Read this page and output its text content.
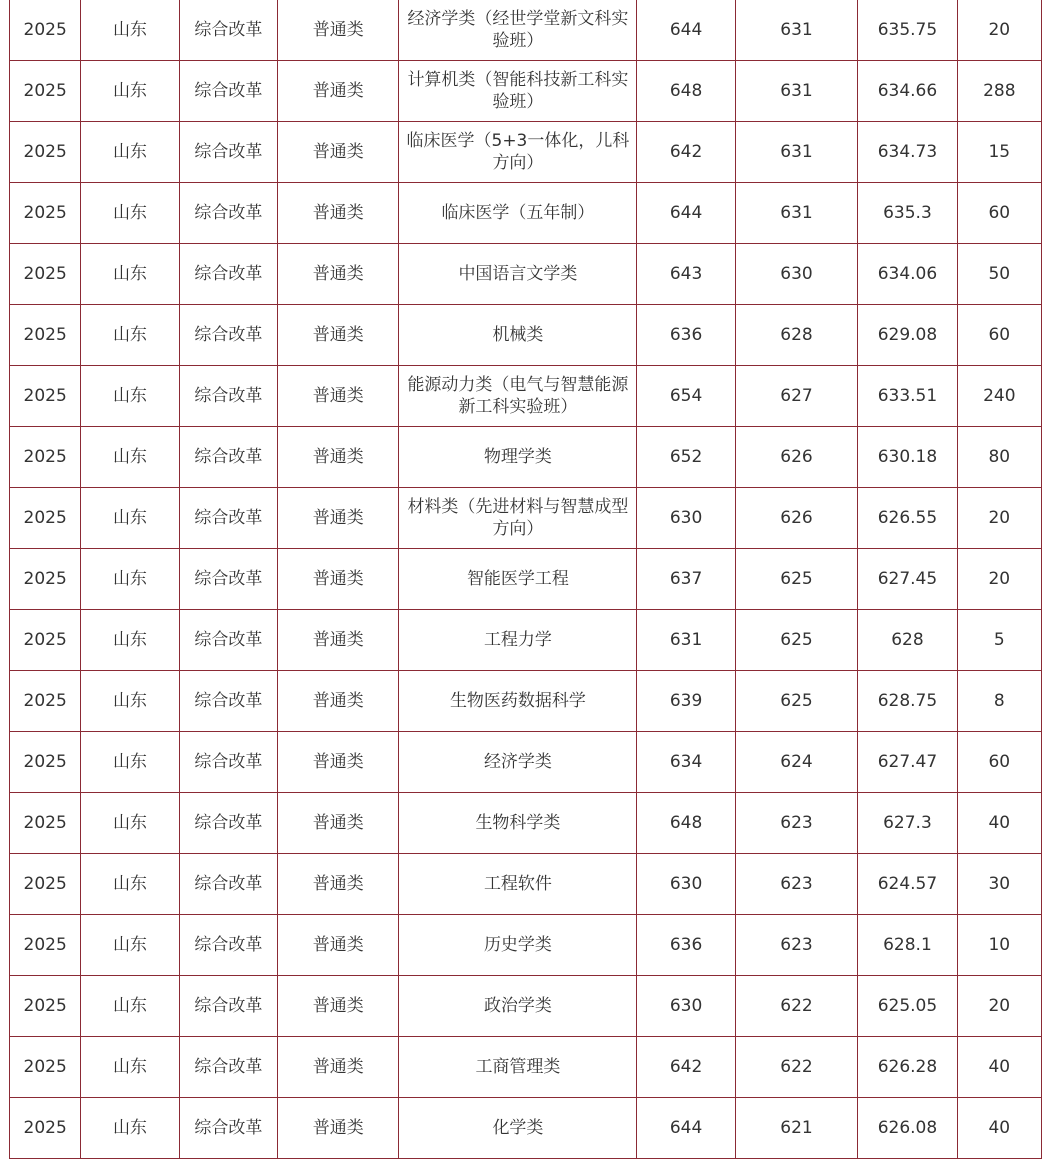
2025	山东	综合改革	普通类	经济学类（经世学堂新文科实验班）	644	631	635.75	20
2025	山东	综合改革	普通类	计算机类（智能科技新工科实验班）	648	631	634.66	288
2025	山东	综合改革	普通类	临床医学（5+3一体化，儿科方向）	642	631	634.73	15
2025	山东	综合改革	普通类	临床医学（五年制）	644	631	635.3	60
2025	山东	综合改革	普通类	中国语言文学类	643	630	634.06	50
2025	山东	综合改革	普通类	机械类	636	628	629.08	60
2025	山东	综合改革	普通类	能源动力类（电气与智慧能源新工科实验班）	654	627	633.51	240
2025	山东	综合改革	普通类	物理学类	652	626	630.18	80
2025	山东	综合改革	普通类	材料类（先进材料与智慧成型方向）	630	626	626.55	20
2025	山东	综合改革	普通类	智能医学工程	637	625	627.45	20
2025	山东	综合改革	普通类	工程力学	631	625	628	5
2025	山东	综合改革	普通类	生物医药数据科学	639	625	628.75	8
2025	山东	综合改革	普通类	经济学类	634	624	627.47	60
2025	山东	综合改革	普通类	生物科学类	648	623	627.3	40
2025	山东	综合改革	普通类	工程软件	630	623	624.57	30
2025	山东	综合改革	普通类	历史学类	636	623	628.1	10
2025	山东	综合改革	普通类	政治学类	630	622	625.05	20
2025	山东	综合改革	普通类	工商管理类	642	622	626.28	40
2025	山东	综合改革	普通类	化学类	644	621	626.08	40
